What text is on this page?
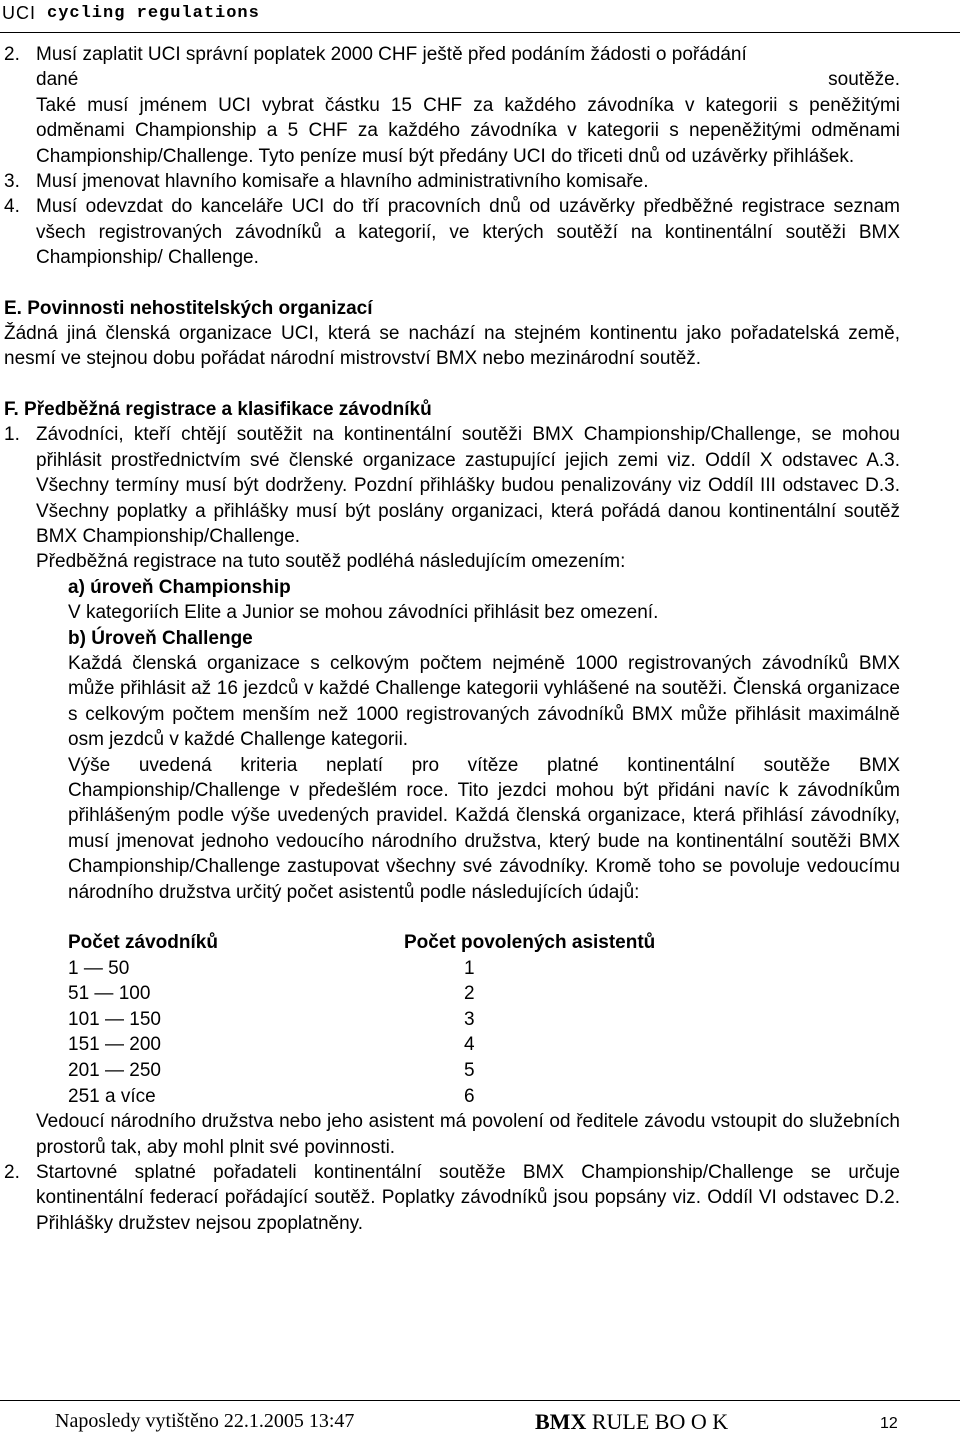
UCI cycling regulations
2. Musí zaplatit UCI správní poplatek 2000 CHF ještě před podáním žádosti o pořádání
dané	soutěže.
Také musí jménem UCI vybrat částku 15 CHF za každého závodníka v kategorii s peněžitými odměnami Championship a 5 CHF za každého závodníka v kategorii s nepeněžitými odměnami Championship/Challenge. Tyto peníze musí být předány UCI do třiceti dnů od uzávěrky přihlášek.
3. Musí jmenovat hlavního komisaře a hlavního administrativního komisaře.
4. Musí odevzdat do kanceláře UCI do tří pracovních dnů od uzávěrky předběžné registrace seznam všech registrovaných závodníků a kategorií, ve kterých soutěží na kontinentální soutěži BMX Championship/ Challenge.
E. Povinnosti nehostitelských organizací
Žádná jiná členská organizace UCI, která se nachází na stejném kontinentu jako pořadatelská země, nesmí ve stejnou dobu pořádat národní mistrovství BMX nebo mezinárodní soutěž.
F. Předběžná registrace a klasifikace závodníků
1. Závodníci, kteří chtějí soutěžit na kontinentální soutěži BMX Championship/Challenge, se mohou přihlásit prostřednictvím své členské organizace zastupující jejich zemi viz. Oddíl X odstavec A.3. Všechny termíny musí být dodrženy. Pozdní přihlášky budou penalizovány viz Oddíl III odstavec D.3. Všechny poplatky a přihlášky musí být poslány organizaci, která pořádá danou kontinentální soutěž BMX Championship/Challenge.
Předběžná registrace na tuto soutěž podléhá následujícím omezením:
a) úroveň Championship
V kategoriích Elite a Junior se mohou závodníci přihlásit bez omezení.
b) Úroveň Challenge
Každá členská organizace s celkovým počtem nejméně 1000 registrovaných závodníků BMX může přihlásit až 16 jezdců v každé Challenge kategorii vyhlášené na soutěži. Členská organizace s celkovým počtem menším než 1000 registrovaných závodníků BMX může přihlásit maximálně osm jezdců v každé Challenge kategorii.
Výše uvedená kriteria neplatí pro vítěze platné kontinentální soutěže BMX Championship/Challenge v předešlém roce. Tito jezdci mohou být přidáni navíc k závodníkům přihlášeným podle výše uvedených pravidel. Každá členská organizace, která přihlásí závodníky, musí jmenovat jednoho vedoucího národního družstva, který bude na kontinentální soutěži BMX Championship/Challenge zastupovat všechny své závodníky. Kromě toho se povoluje vedoucímu národního družstva určitý počet asistentů podle následujících údajů:
Počet závodníků	Počet povolených asistentů
1 — 50	1
51 — 100	2
101 — 150	3
151 — 200	4
201 — 250	5
251 a více	6
Vedoucí národního družstva nebo jeho asistent má povolení od ředitele závodu vstoupit do služebních prostorů tak, aby mohl plnit své povinnosti.
2. Startovné splatné pořadateli kontinentální soutěže BMX Championship/Challenge se určuje kontinentální federací pořádající soutěž. Poplatky závodníků jsou popsány viz. Oddíl VI odstavec D.2. Přihlášky družstev nejsou zpoplatněny.
Naposledy vytištěno 22.1.2005 13:47	BMX RULE BO O K	12
